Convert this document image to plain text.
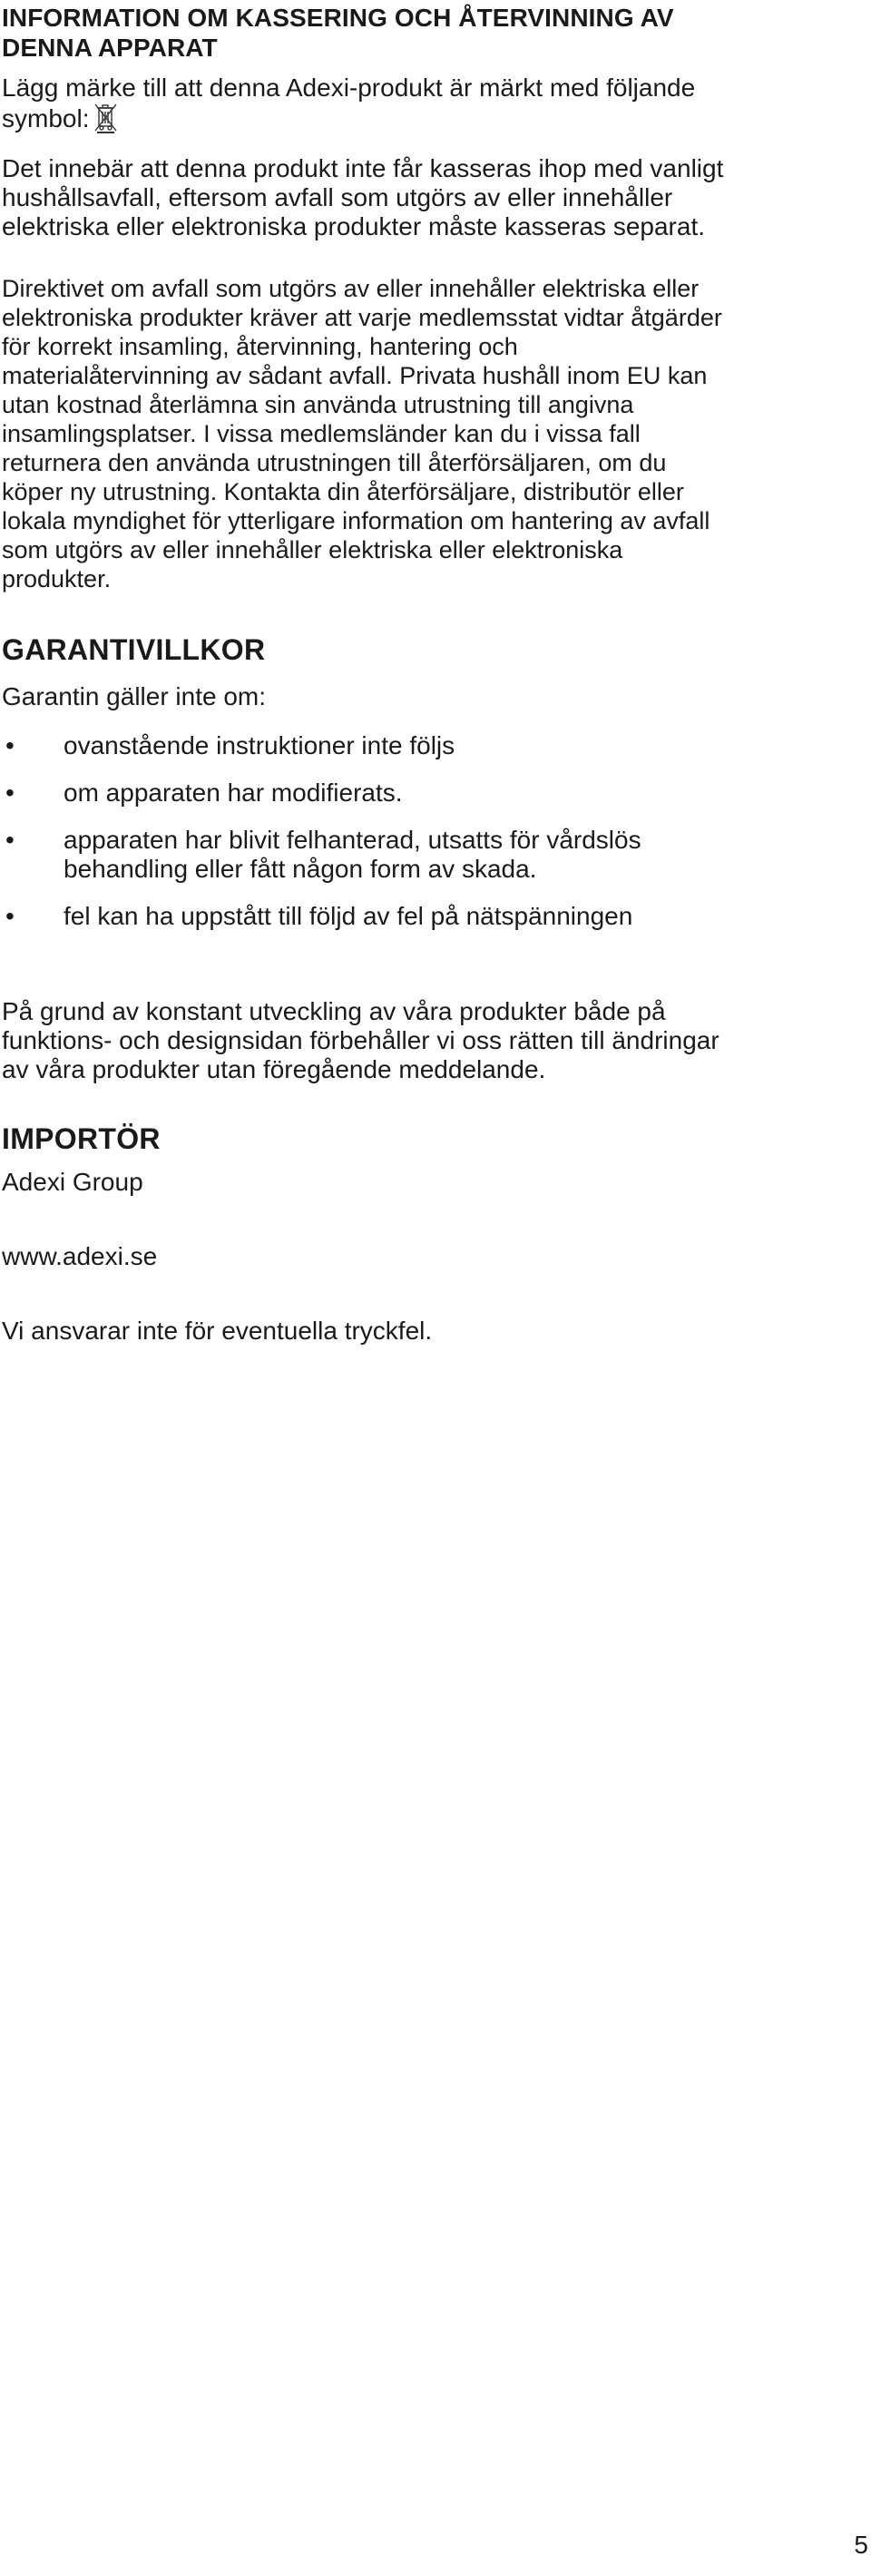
INFORMATION OM KASSERING OCH ÅTERVINNING AV
DENNA APPARAT

Lägg märke till att denna Adexi-produkt är märkt med följande
symbol:

Det innebär att denna produkt inte får kasseras ihop med vanligt
hushållsavfall, eftersom avfall som utgörs av eller innehåller
elektriska eller elektroniska produkter måste kasseras separat.

Direktivet om avfall som utgörs av eller innehåller elektriska eller
elektroniska produkter kräver att varje medlemsstat vidtar åtgärder
för korrekt insamling, återvinning, hantering och
materialåtervinning av sådant avfall. Privata hushåll inom EU kan
utan kostnad återlämna sin använda utrustning till angivna
insamlingsplatser. I vissa medlemsländer kan du i vissa fall
returnera den använda utrustningen till återförsäljaren, om du
köper ny utrustning. Kontakta din återförsäljare, distributör eller
lokala myndighet för ytterligare information om hantering av avfall
som utgörs av eller innehåller elektriska eller elektroniska
produkter.

GARANTIVILLKOR

Garantin gäller inte om:

•	ovanstående instruktioner inte följs
•	om apparaten har modifierats.
•	apparaten har blivit felhanterad, utsatts för vårdslös
behandling eller fått någon form av skada.
•	fel kan ha uppstått till följd av fel på nätspänningen

På grund av konstant utveckling av våra produkter både på
funktions- och designsidan förbehåller vi oss rätten till ändringar
av våra produkter utan föregående meddelande.

IMPORTÖR

Adexi Group

www.adexi.se

Vi ansvarar inte för eventuella tryckfel.

5
